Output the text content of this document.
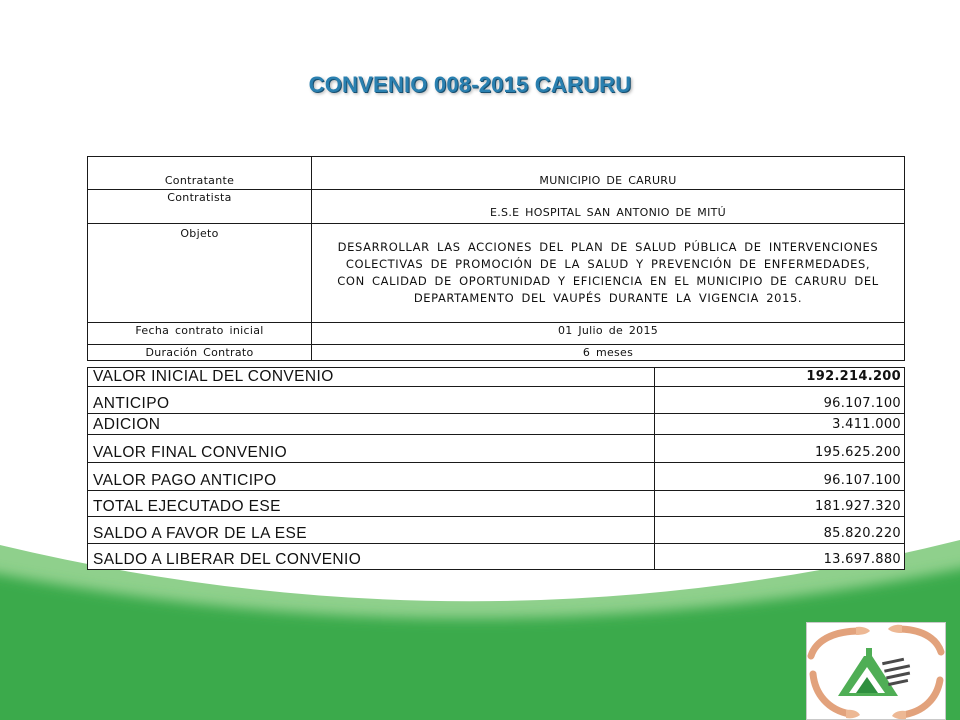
CONVENIO 008-2015 CARURU
Contratante	MUNICIPIO DE CARURU
Contratista	E.S.E HOSPITAL SAN ANTONIO DE MITÚ
Objeto	DESARROLLAR LAS ACCIONES DEL PLAN DE SALUD PÚBLICA DE INTERVENCIONES
COLECTIVAS DE PROMOCIÓN DE LA SALUD Y PREVENCIÓN DE ENFERMEDADES,
CON CALIDAD DE OPORTUNIDAD Y EFICIENCIA EN EL MUNICIPIO DE CARURU DEL
DEPARTAMENTO DEL VAUPÉS DURANTE LA VIGENCIA 2015.

Fecha contrato inicial	01 Julio de 2015
Duración Contrato	6 meses
VALOR INICIAL DEL CONVENIO	192.214.200
ANTICIPO	96.107.100
ADICION	3.411.000
VALOR FINAL CONVENIO	195.625.200
VALOR PAGO ANTICIPO	96.107.100
TOTAL EJECUTADO ESE	181.927.320
SALDO A FAVOR DE LA ESE	85.820.220
SALDO A LIBERAR DEL CONVENIO	13.697.880
